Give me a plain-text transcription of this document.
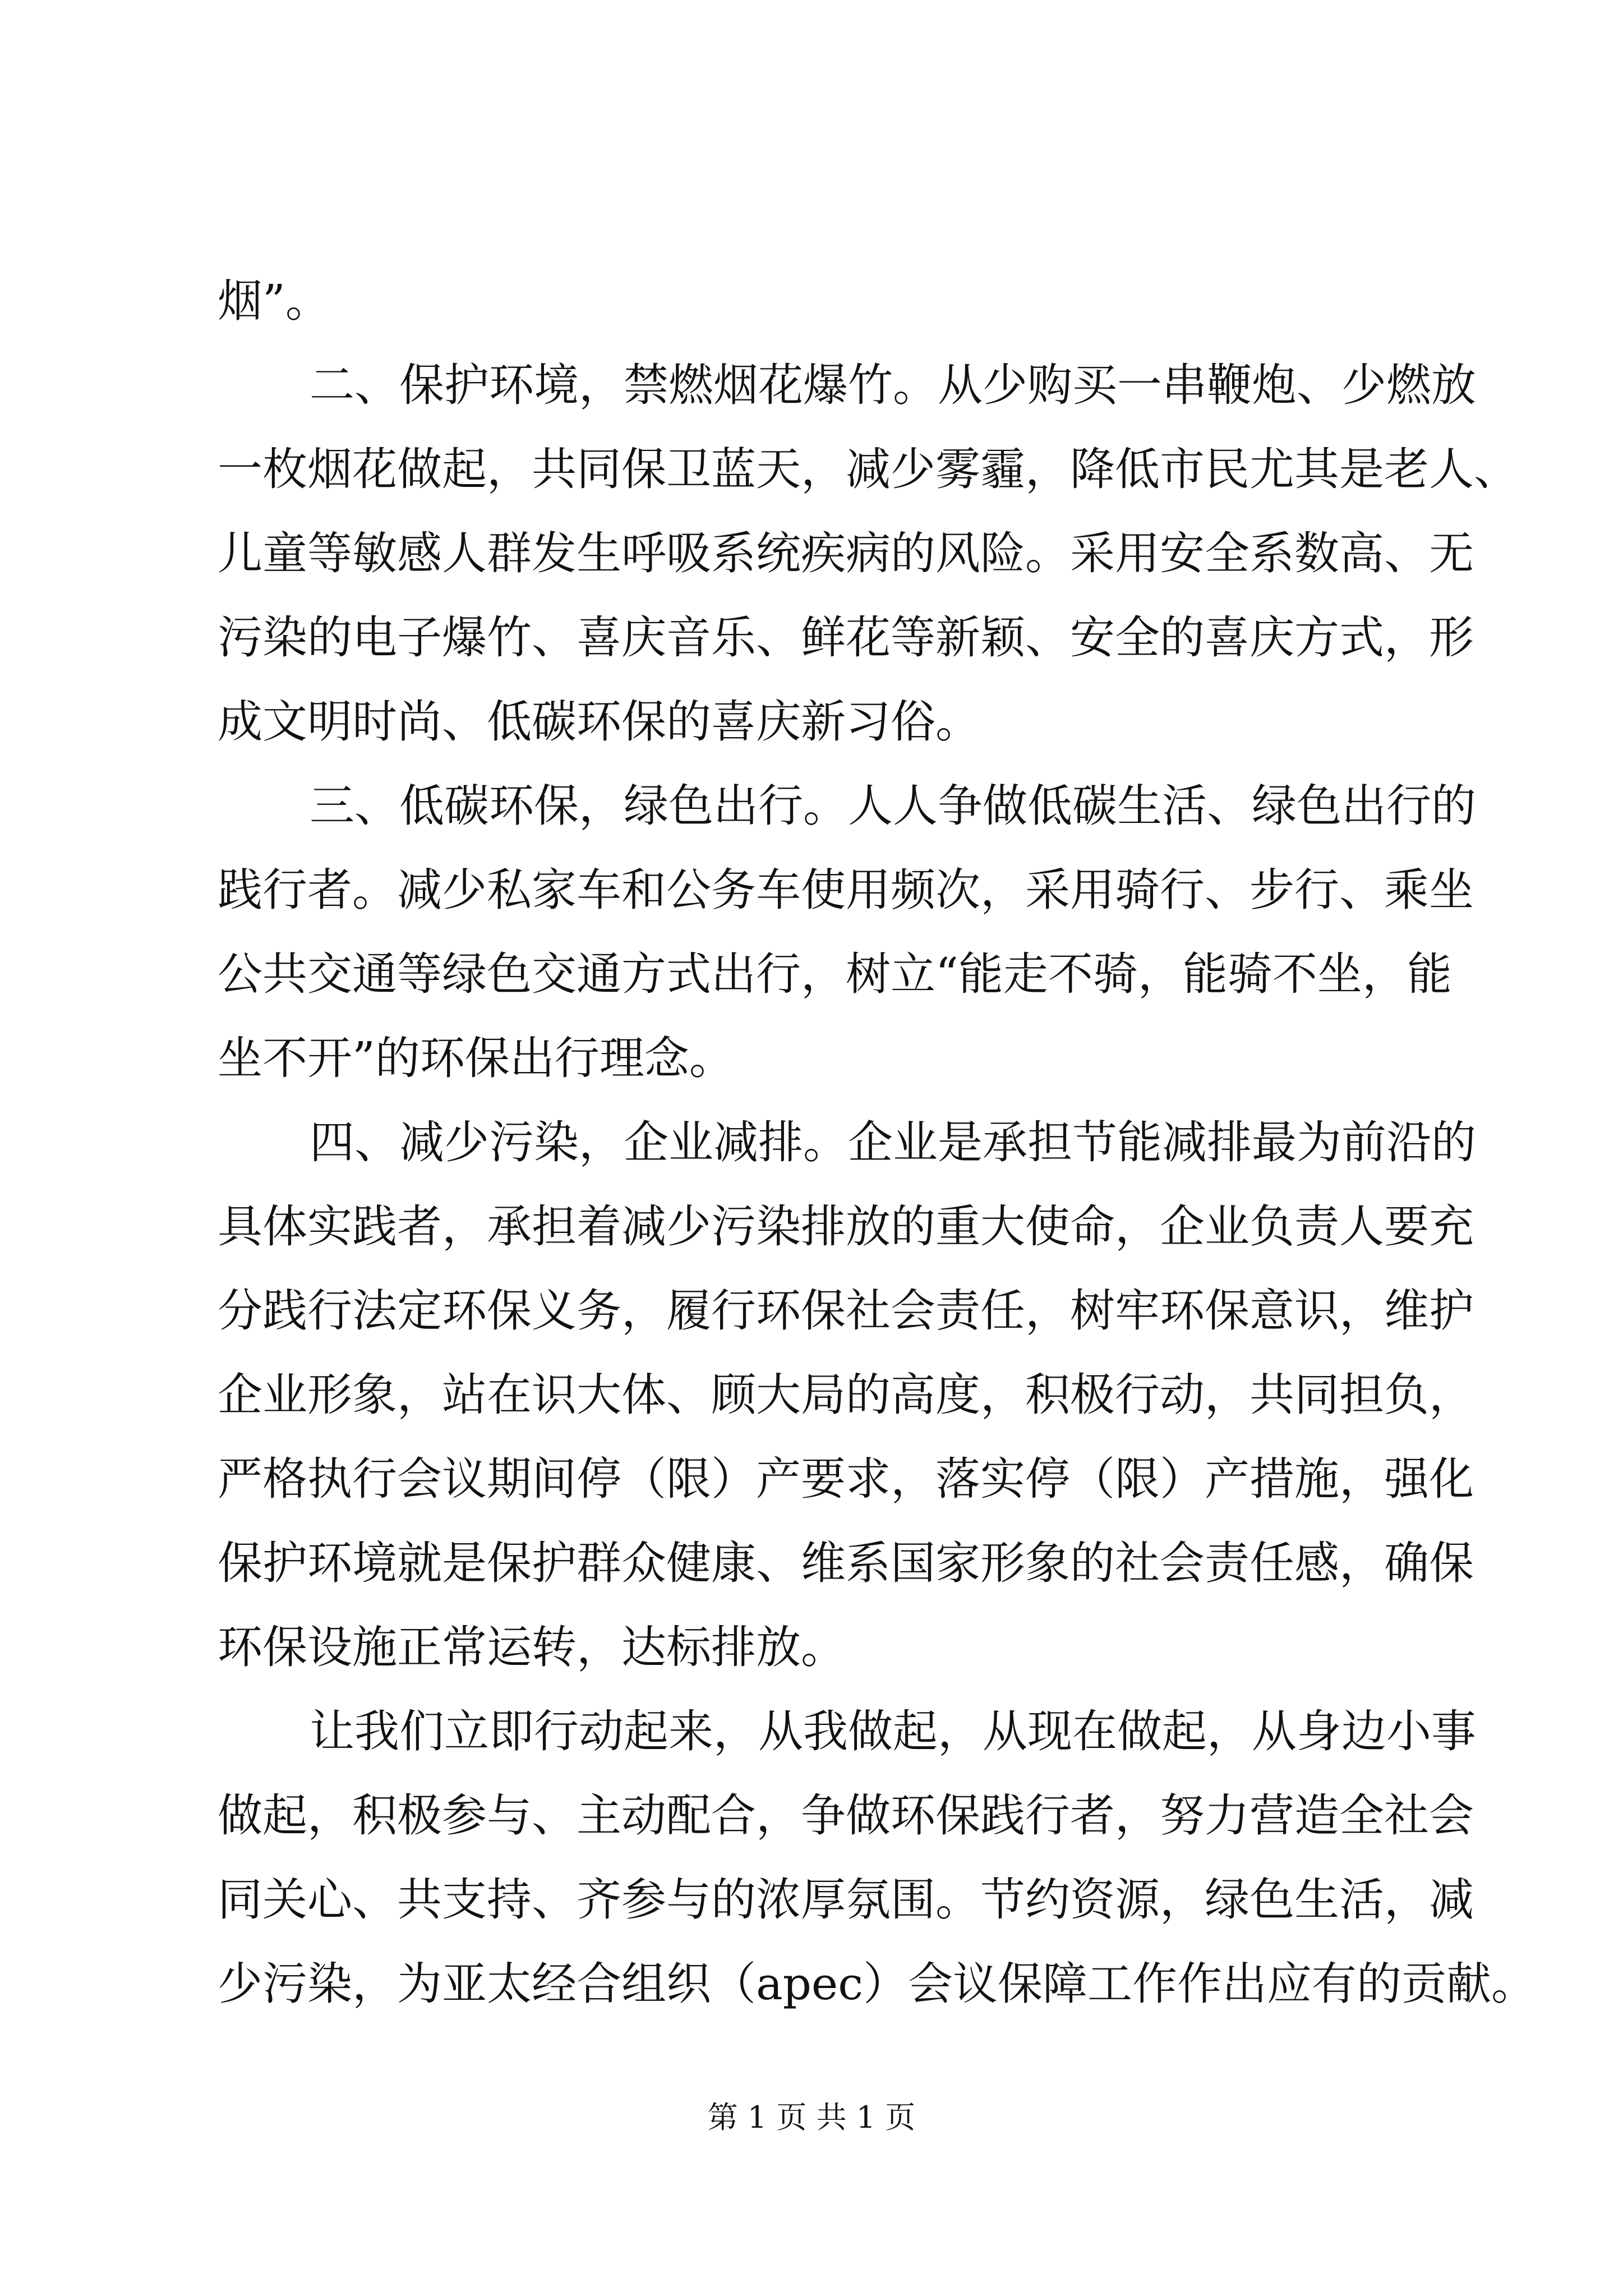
烟”。
二、保护环境，禁燃烟花爆竹。从少购买一串鞭炮、少燃放
一枚烟花做起，共同保卫蓝天，减少雾霾，降低市民尤其是老人、
儿童等敏感人群发生呼吸系统疾病的风险。采用安全系数高、无
污染的电子爆竹、喜庆音乐、鲜花等新颖、安全的喜庆方式，形
成文明时尚、低碳环保的喜庆新习俗。
三、低碳环保，绿色出行。人人争做低碳生活、绿色出行的
践行者。减少私家车和公务车使用频次，采用骑行、步行、乘坐
公共交通等绿色交通方式出行，树立“能走不骑，能骑不坐，能
坐不开”的环保出行理念。
四、减少污染，企业减排。企业是承担节能减排最为前沿的
具体实践者，承担着减少污染排放的重大使命，企业负责人要充
分践行法定环保义务，履行环保社会责任，树牢环保意识，维护
企业形象，站在识大体、顾大局的高度，积极行动，共同担负，
严格执行会议期间停（限）产要求，落实停（限）产措施，强化
保护环境就是保护群众健康、维系国家形象的社会责任感，确保
环保设施正常运转，达标排放。
让我们立即行动起来，从我做起，从现在做起，从身边小事
做起，积极参与、主动配合，争做环保践行者，努力营造全社会
同关心、共支持、齐参与的浓厚氛围。节约资源，绿色生活，减
少污染，为亚太经合组织（apec）会议保障工作作出应有的贡献。
第 1 页 共 1 页
